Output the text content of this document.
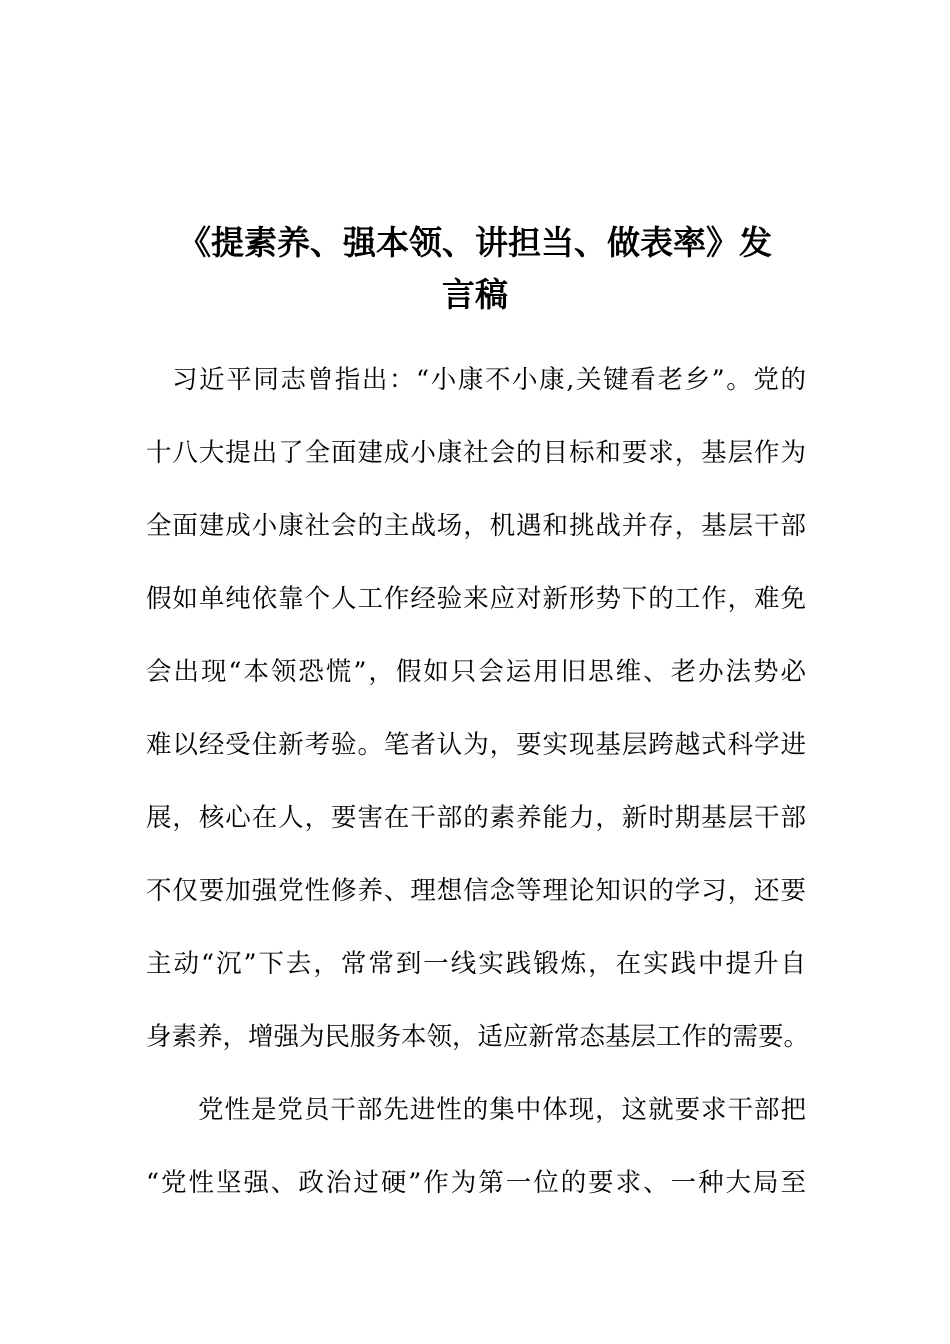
《提素养、强本领、讲担当、做表率》发
言稿

习近平同志曾指出：“小康不小康,关键看老乡”。党的

十八大提出了全面建成小康社会的目标和要求，基层作为

全面建成小康社会的主战场，机遇和挑战并存，基层干部

假如单纯依靠个人工作经验来应对新形势下的工作，难免

会出现“本领恐慌”，假如只会运用旧思维、老办法势必

难以经受住新考验。笔者认为，要实现基层跨越式科学进

展，核心在人，要害在干部的素养能力，新时期基层干部

不仅要加强党性修养、理想信念等理论知识的学习，还要

主动“沉”下去，常常到一线实践锻炼，在实践中提升自

身素养，增强为民服务本领，适应新常态基层工作的需要。

党性是党员干部先进性的集中体现，这就要求干部把

“党性坚强、政治过硬”作为第一位的要求、一种大局至
